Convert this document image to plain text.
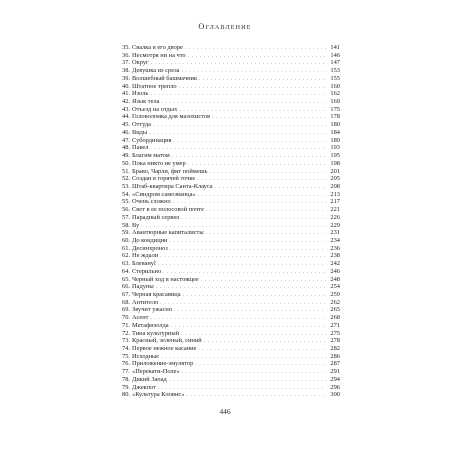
Оглавление
35. Свалка в его дворе . . .	141
36. Несмотря ни на что . . .	146
37. Округ . . .	147
38. Девушка из среза . . .	153
39. Волшебный башмачник . . .	155
40. Штатное трепло . . .	160
41. Изоль . . .	162
42. Язык тела . . .	169
43. Отъезд на отдых . . .	175
44. Головоломка для мазохистов . . .	178
45. Оттуда . . .	180
46. Виды . . .	184
47. Субординация . . .	189
48. Павел . . .	193
49. Благим матом . . .	195
50. Пока никто не умер . . .	198
51. Браво, Чарли, фиг поймешь . . .	201
52. Создан в горячей точке . . .	205
53. Штаб-квартира Санта-Клауса . . .	208
54. «Синдром самозванца» . . .	213
55. Очень сложно . . .	217
56. Свет в ее полосовой почте . . .	221
57. Парадный сервиз . . .	226
58. Ву . . .	229
59. Авантюрные капиталисты . . .	231
60. До кондиции . . .	234
61. Десинхроноз . . .	236
62. Не ждали . . .	238
63. Блевануl . . .	242
64. Стерильно . . .	246
65. Черный ход в настоящее . . .	248
66. Падуны . . .	254
67. Черная красавица . . .	259
68. Антитело . . .	262
69. Звучит ужасно . . .	265
70. Асент . . .	268
71. Метафизолда . . .	271
72. Тина культурный . . .	275
73. Красный, зеленый, синий . . .	278
74. Первое нежное касание . . .	282
75. Исходные . . .	286
76. Приложение-эмулятор . . .	287
77. «Перекати-Поле» . . .	291
78. Дикий Запад . . .	294
79. Джекпот . . .	296
80. «Культура Кловис» . . .	300
446
